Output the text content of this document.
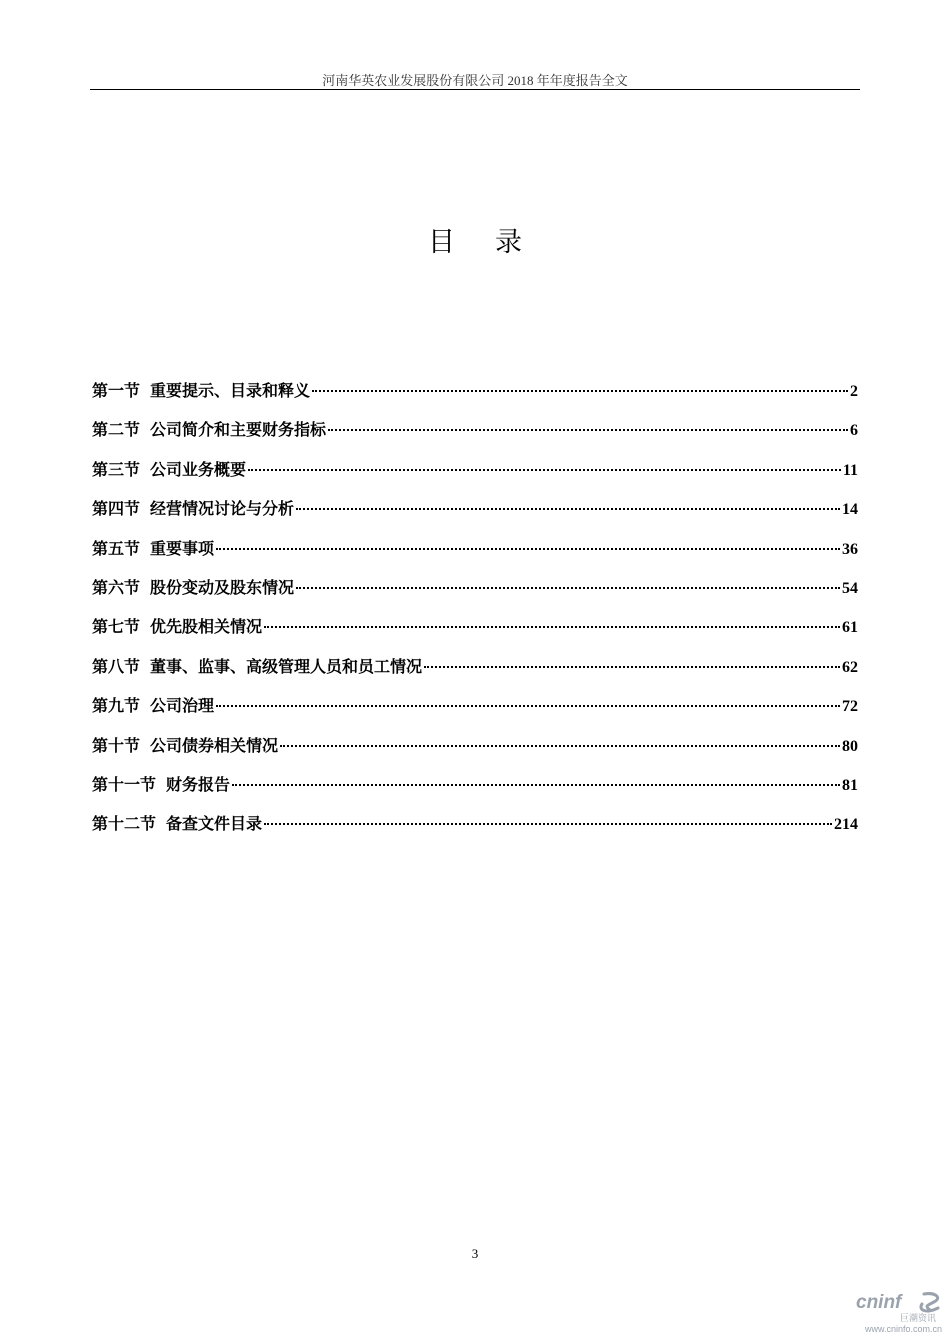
河南华英农业发展股份有限公司 2018 年年度报告全文
目录
第一节 重要提示、目录和释义	2
第二节 公司简介和主要财务指标	6
第三节 公司业务概要	11
第四节 经营情况讨论与分析	14
第五节 重要事项	36
第六节 股份变动及股东情况	54
第七节 优先股相关情况	61
第八节 董事、监事、高级管理人员和员工情况	62
第九节 公司治理	72
第十节 公司债券相关情况	80
第十一节 财务报告	81
第十二节 备查文件目录	214
3
cninf
巨潮资讯
www.cninfo.com.cn
